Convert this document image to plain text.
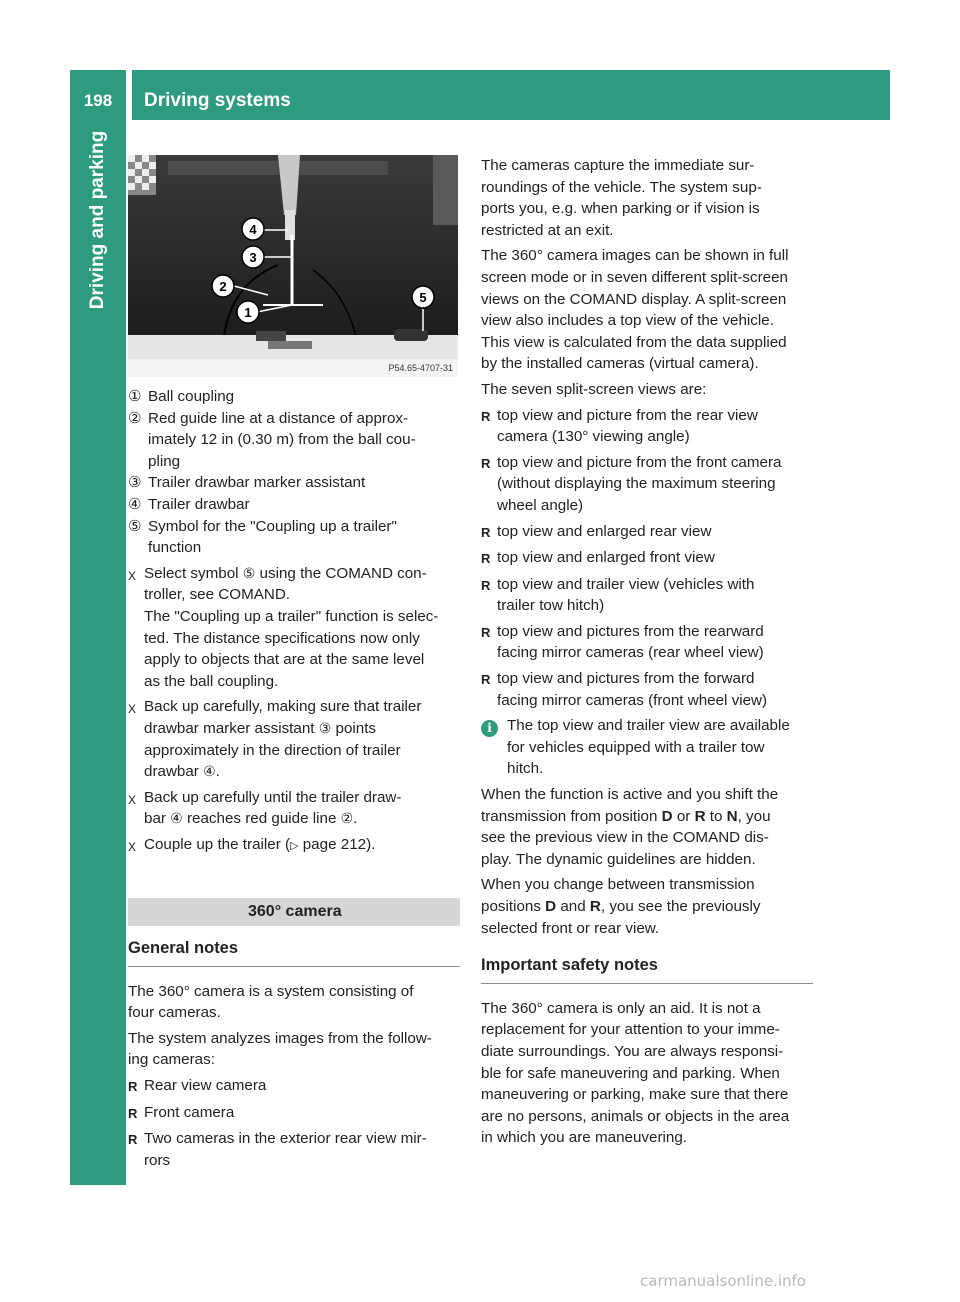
198	Driving systems
Driving and parking	4
3
2
1
5
P54.65-4707-31
① Ball coupling
② Red guide line at a distance of approx-
imately 12 in (0.30 m) from the ball cou-
pling
③ Trailer drawbar marker assistant
④ Trailer drawbar
⑤ Symbol for the "Coupling up a trailer"
function
X Select symbol ⑤ using the COMAND con-
troller, see COMAND.
The "Coupling up a trailer" function is selec-
ted. The distance specifications now only
apply to objects that are at the same level
as the ball coupling.
X Back up carefully, making sure that trailer
drawbar marker assistant ③ points
approximately in the direction of trailer
drawbar ④.
X Back up carefully until the trailer draw-
bar ④ reaches red guide line ②.
X Couple up the trailer (▷ page 212).
360° camera
General notes

The 360° camera is a system consisting of
four cameras.

The system analyzes images from the follow-
ing cameras:

R Rear view camera
R Front camera
R Two cameras in the exterior rear view mir-
rors

The cameras capture the immediate sur-
roundings of the vehicle. The system sup-
ports you, e.g. when parking or if vision is
restricted at an exit.

The 360° camera images can be shown in full
screen mode or in seven different split-screen
views on the COMAND display. A split-screen
view also includes a top view of the vehicle.
This view is calculated from the data supplied
by the installed cameras (virtual camera).

The seven split-screen views are:

R top view and picture from the rear view
camera (130° viewing angle)
R top view and picture from the front camera
(without displaying the maximum steering
wheel angle)
R top view and enlarged rear view
R top view and enlarged front view
R top view and trailer view (vehicles with
trailer tow hitch)
R top view and pictures from the rearward
facing mirror cameras (rear wheel view)
R top view and pictures from the forward
facing mirror cameras (front wheel view)
i	The top view and trailer view are available
for vehicles equipped with a trailer tow
hitch.

When the function is active and you shift the
transmission from position D or R to N, you
see the previous view in the COMAND dis-
play. The dynamic guidelines are hidden.

When you change between transmission
positions D and R, you see the previously
selected front or rear view.

Important safety notes

The 360° camera is only an aid. It is not a
replacement for your attention to your imme-
diate surroundings. You are always responsi-
ble for safe maneuvering and parking. When
maneuvering or parking, make sure that there
are no persons, animals or objects in the area
in which you are maneuvering.

carmanualsonline.info
